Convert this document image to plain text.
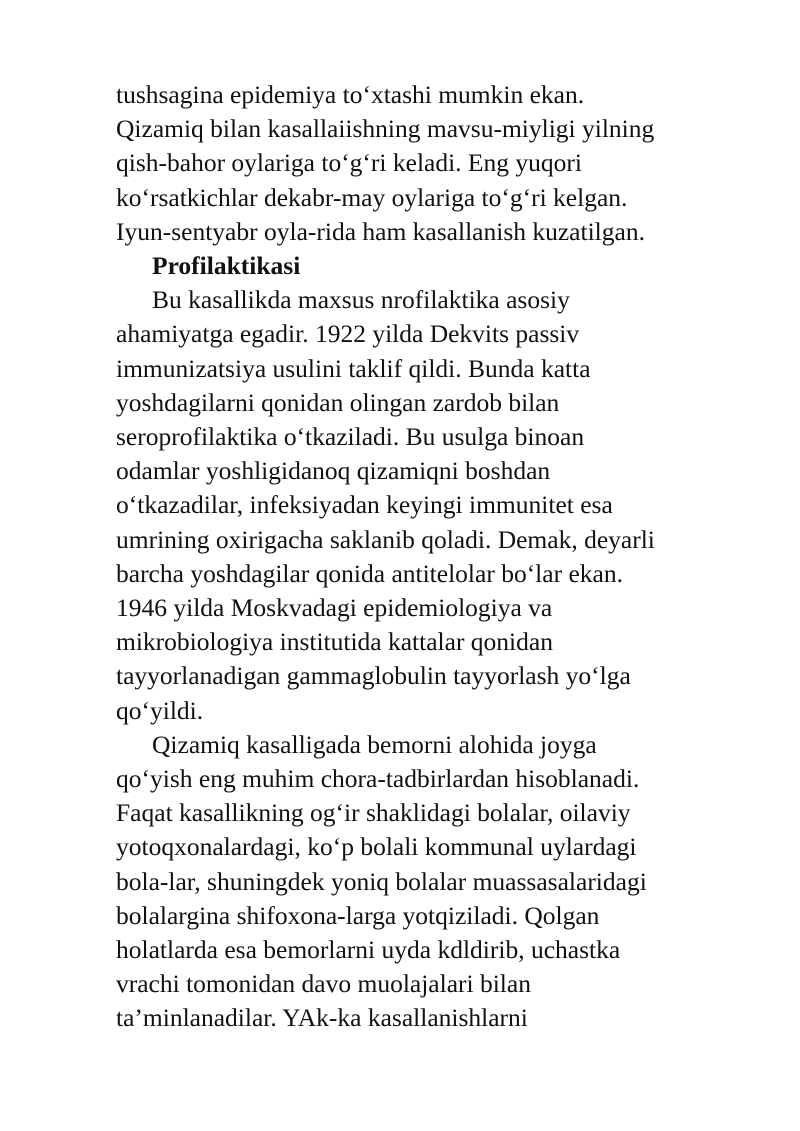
tushsagina epidemiya to‘xtashi mumkin ekan.
Qizamiq bilan kasallaiishning mavsu-miyligi yilning
qish-bahor oylariga to‘g‘ri keladi. Eng yuqori
ko‘rsatkichlar dekabr-may oylariga to‘g‘ri kelgan.
Iyun-sentyabr oyla-rida ham kasallanish kuzatilgan.
Profilaktikasi
Bu kasallikda maxsus nrofilaktika asosiy
ahamiyatga egadir. 1922 yilda Dekvits passiv
immunizatsiya usulini taklif qildi. Bunda katta
yoshdagilarni qonidan olingan zardob bilan
seroprofilaktika o‘tkaziladi. Bu usulga binoan
odamlar yoshligidanoq qizamiqni boshdan
o‘tkazadilar, infeksiyadan keyingi immunitet esa
umrining oxirigacha saklanib qoladi. Demak, deyarli
barcha yoshdagilar qonida antitelolar bo‘lar ekan.
1946 yilda Moskvadagi epidemiologiya va
mikrobiologiya institutida kattalar qonidan
tayyorlanadigan gammaglobulin tayyorlash yo‘lga
qo‘yildi.
Qizamiq kasalligada bemorni alohida joyga
qo‘yish eng muhim chora-tadbirlardan hisoblanadi.
Faqat kasallikning og‘ir shaklidagi bolalar, oilaviy
yotoqxonalardagi, ko‘p bolali kommunal uylardagi
bola-lar, shuningdek yoniq bolalar muassasalaridagi
bolalargina shifoxona-larga yotqiziladi. Qolgan
holatlarda esa bemorlarni uyda kdldirib, uchastka
vrachi tomonidan davo muolajalari bilan
ta’minlanadilar. YAk-ka kasallanishlarni
